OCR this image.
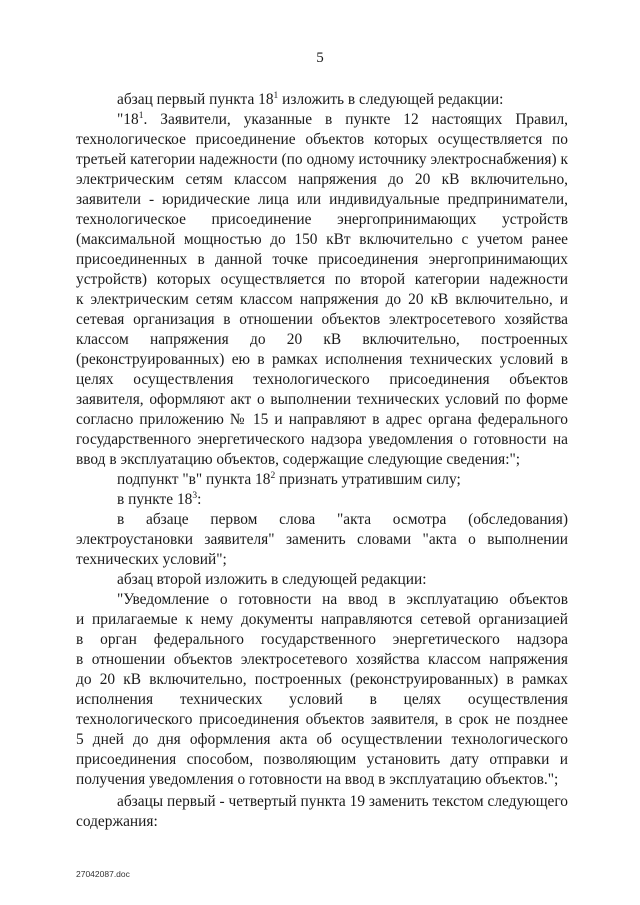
5
абзац первый пункта $18^1$ изложить в следующей редакции:
"$18^1$. Заявители, указанные в пункте 12 настоящих Правил,
технологическое присоединение объектов которых осуществляется по
третьей категории надежности (по одному источнику электроснабжения) к
электрическим сетям классом напряжения до 20 кВ включительно,
заявители - юридические лица или индивидуальные предприниматели,
технологическое присоединение энергопринимающих устройств
(максимальной мощностью до 150 кВт включительно с учетом ранее
присоединенных в данной точке присоединения энергопринимающих
устройств) которых осуществляется по второй категории надежности
к электрическим сетям классом напряжения до 20 кВ включительно, и
сетевая организация в отношении объектов электросетевого хозяйства
классом напряжения до 20 кВ включительно, построенных
(реконструированных) ею в рамках исполнения технических условий в
целях осуществления технологического присоединения объектов
заявителя, оформляют акт о выполнении технических условий по форме
согласно приложению № 15 и направляют в адрес органа федерального
государственного энергетического надзора уведомления о готовности на
ввод в эксплуатацию объектов, содержащие следующие сведения:";
подпункт "в" пункта $18^2$ признать утратившим силу;
в пункте $18^3$:
в абзаце первом слова "акта осмотра (обследования)
электроустановки заявителя" заменить словами "акта о выполнении
технических условий";
абзац второй изложить в следующей редакции:
"Уведомление о готовности на ввод в эксплуатацию объектов
и прилагаемые к нему документы направляются сетевой организацией
в орган федерального государственного энергетического надзора
в отношении объектов электросетевого хозяйства классом напряжения
до 20 кВ включительно, построенных (реконструированных) в рамках
исполнения технических условий в целях осуществления
технологического присоединения объектов заявителя, в срок не позднее
5 дней до дня оформления акта об осуществлении технологического
присоединения способом, позволяющим установить дату отправки и
получения уведомления о готовности на ввод в эксплуатацию объектов.";
абзацы первый - четвертый пункта 19 заменить текстом следующего
содержания:
27042087.doc
